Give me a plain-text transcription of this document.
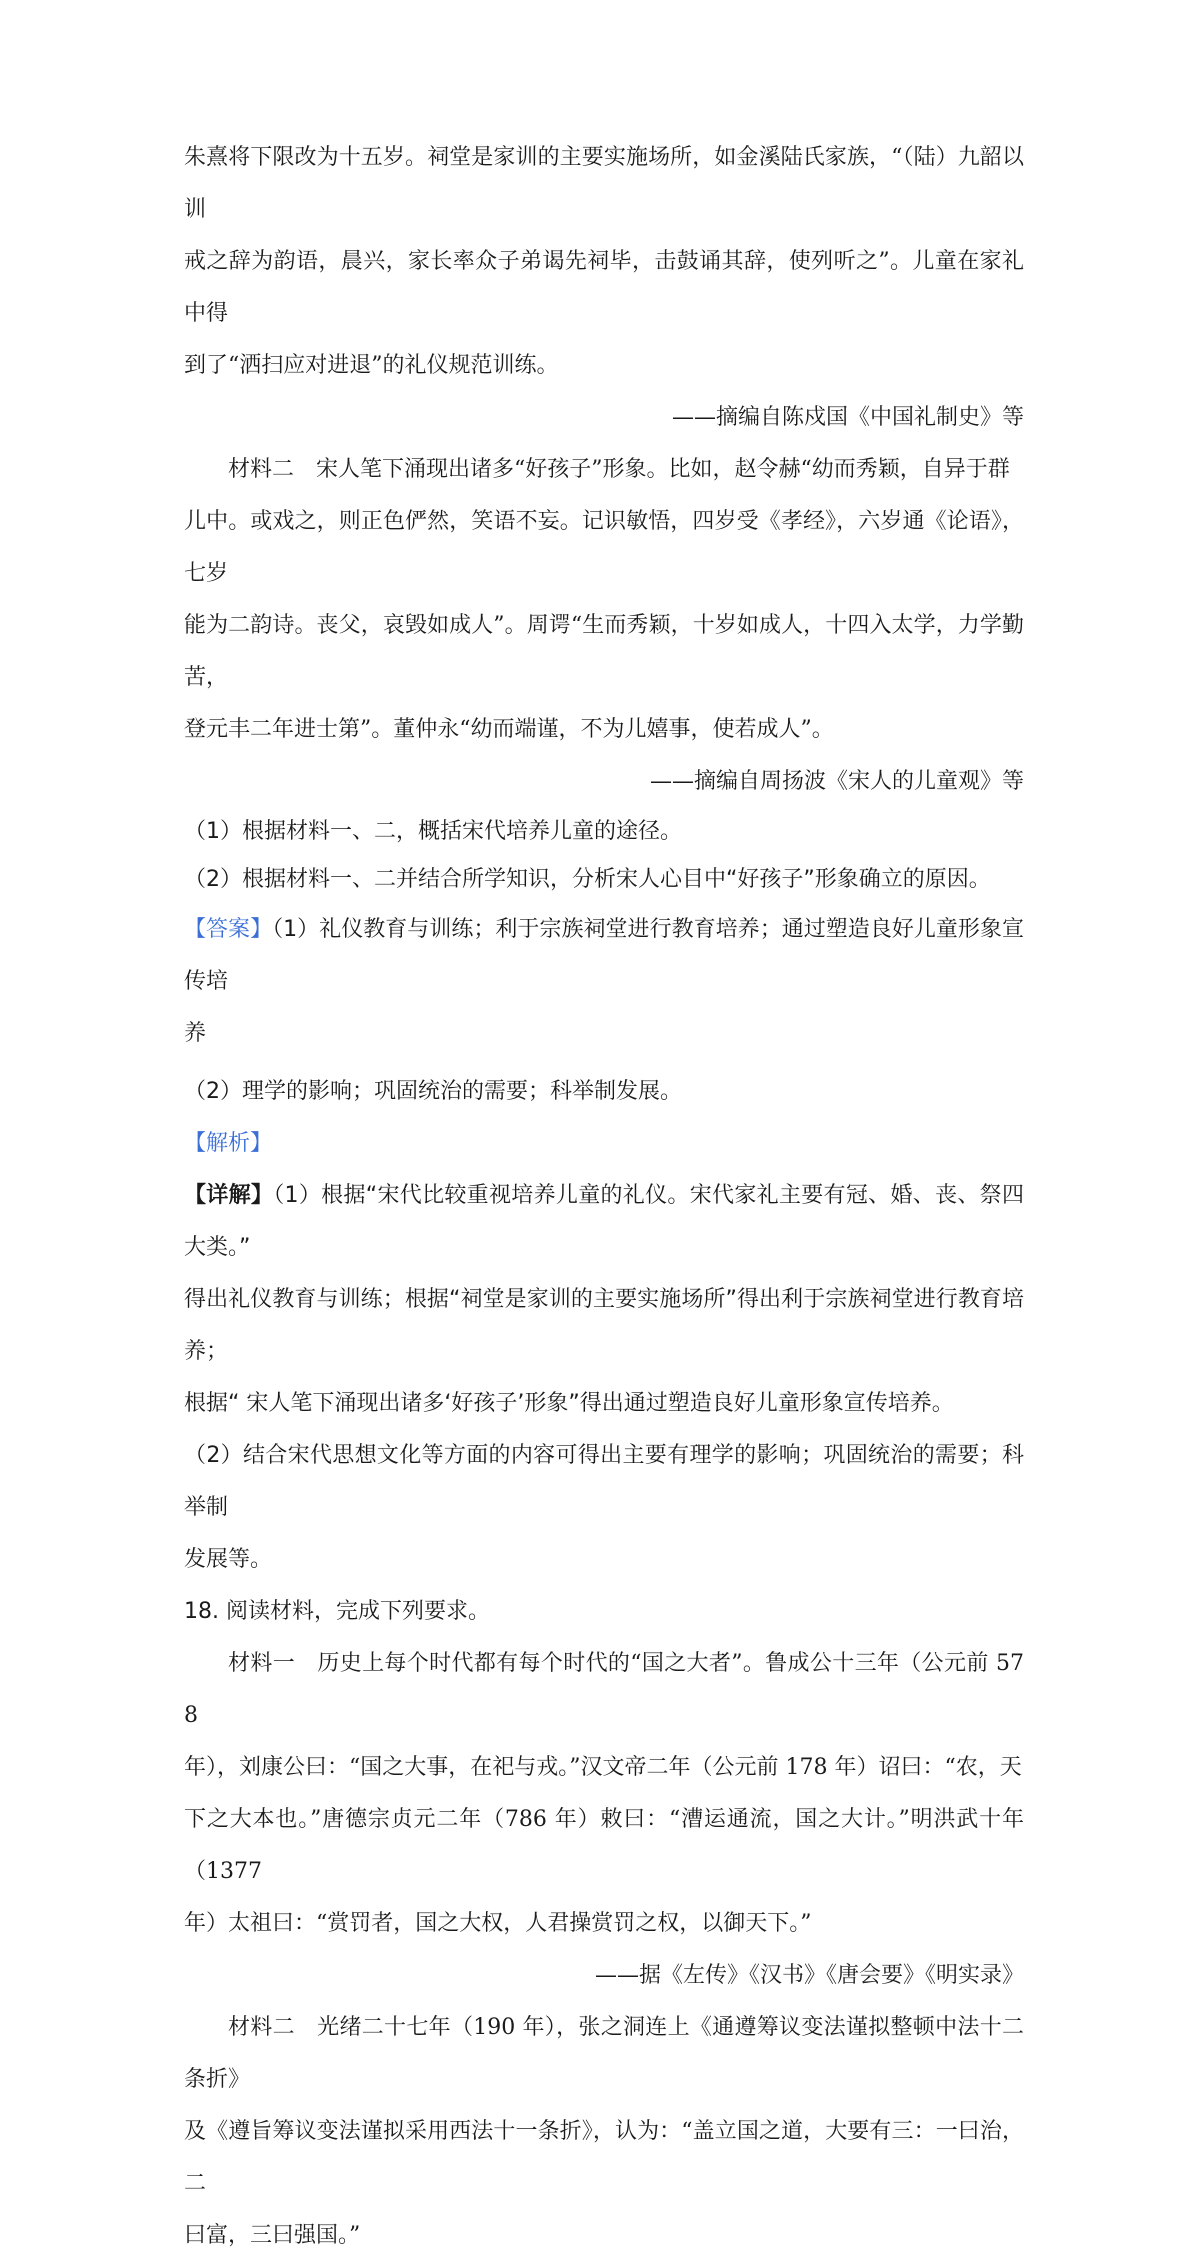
朱熹将下限改为十五岁。祠堂是家训的主要实施场所，如金溪陆氏家族，“（陆）九韶以训

戒之辞为韵语，晨兴，家长率众子弟谒先祠毕，击鼓诵其辞，使列听之”。儿童在家礼中得

到了“洒扫应对进退”的礼仪规范训练。

——摘编自陈戍国《中国礼制史》等

材料二　宋人笔下涌现出诸多“好孩子”形象。比如，赵令赫“幼而秀颖，自异于群

儿中。或戏之，则正色俨然，笑语不妄。记识敏悟，四岁受《孝经》，六岁通《论语》，七岁

能为二韵诗。丧父，哀毁如成人”。周谔“生而秀颖，十岁如成人，十四入太学，力学勤苦，

登元丰二年进士第”。董仲永“幼而端谨，不为儿嬉事，使若成人”。

——摘编自周扬波《宋人的儿童观》等

（1）根据材料一、二，概括宋代培养儿童的途径。

（2）根据材料一、二并结合所学知识，分析宋人心目中“好孩子”形象确立的原因。

【答案】（1）礼仪教育与训练；利于宗族祠堂进行教育培养；通过塑造良好儿童形象宣传培

养

（2）理学的影响；巩固统治的需要；科举制发展。

【解析】

【详解】（1）根据“宋代比较重视培养儿童的礼仪。宋代家礼主要有冠、婚、丧、祭四大类。”

得出礼仪教育与训练；根据“祠堂是家训的主要实施场所”得出利于宗族祠堂进行教育培养；

根据“ 宋人笔下涌现出诸多‘好孩子’形象”得出通过塑造良好儿童形象宣传培养。

（2）结合宋代思想文化等方面的内容可得出主要有理学的影响；巩固统治的需要；科举制

发展等。

18. 阅读材料，完成下列要求。

材料一　历史上每个时代都有每个时代的“国之大者”。鲁成公十三年（公元前 578

年），刘康公曰：“国之大事，在祀与戎。”汉文帝二年（公元前 178 年）诏曰：“农，天

下之大本也。”唐德宗贞元二年（786 年）敕曰：“漕运通流，国之大计。”明洪武十年（1377

年）太祖曰：“赏罚者，国之大权，人君操赏罚之权，以御天下。”

——据《左传》《汉书》《唐会要》《明实录》

材料二　光绪二十七年（190 年），张之洞连上《通遵筹议变法谨拟整顿中法十二条折》

及《遵旨筹议变法谨拟采用西法十一条折》，认为：“盖立国之道，大要有三：一曰治，二

曰富，三曰强国。”
